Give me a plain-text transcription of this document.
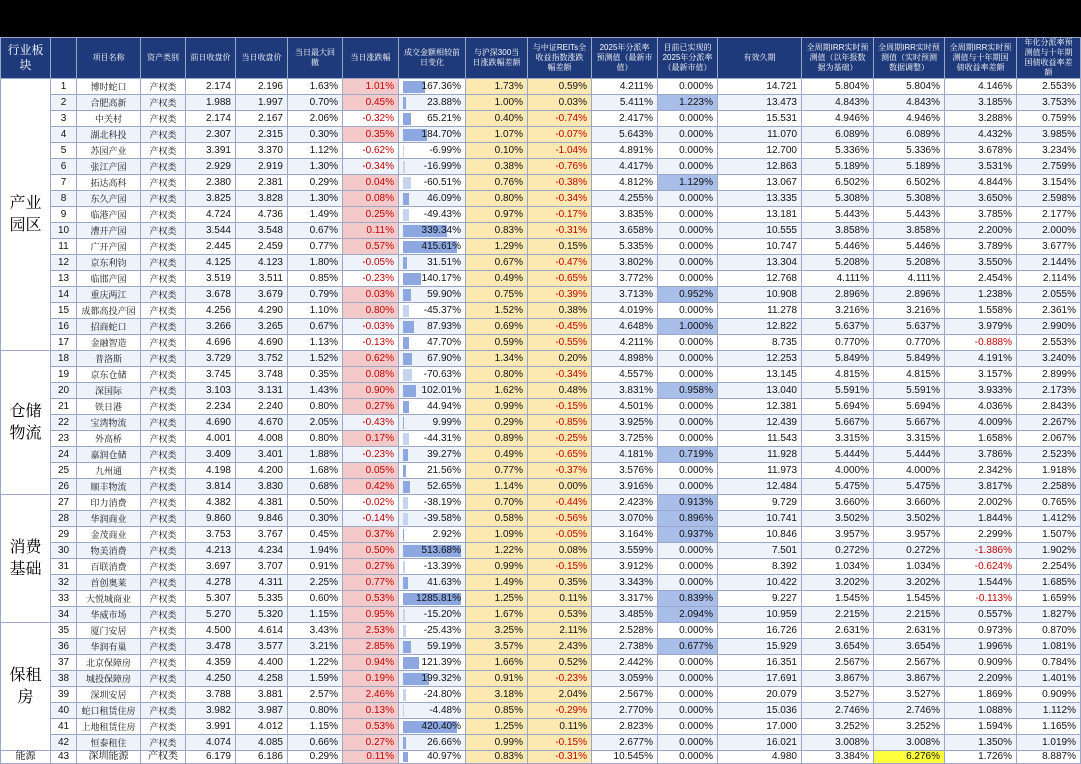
行业板块		项目名称	资产类别	前日收盘价	当日收盘价	当日最大回撤	当日涨跌幅	成交金额相较前日变化	与沪深300当日涨跌幅差额	与中证REITs全收益指数涨跌幅差额	2025年分派率预测值（最新市值）	目前已实现的2025年分派率（最新市值）	有效久期	全周期IRR实时预测值（以年报数据为基础）	全周期IRR实时预测值（实时预测数据调整）	全周期IRR实时预测值与十年期国债收益率差额	年化分派率预测值与十年期国债收益率差额
产业园区	1	博时蛇口	产权类	2.174	2.196	1.63%	1.01%	167.36%	1.73%	0.59%	4.211%	0.000%	14.721	5.804%	5.804%	4.146%	2.553%
	2	合肥高新	产权类	1.988	1.997	0.70%	0.45%	23.88%	1.00%	0.03%	5.411%	1.223%	13.473	4.843%	4.843%	3.185%	3.753%
	3	中关村	产权类	2.174	2.167	2.06%	-0.32%	65.21%	0.40%	-0.74%	2.417%	0.000%	15.531	4.946%	4.946%	3.288%	0.759%
	4	湖北科投	产权类	2.307	2.315	0.30%	0.35%	184.70%	1.07%	-0.07%	5.643%	0.000%	11.070	6.089%	6.089%	4.432%	3.985%
	5	苏园产业	产权类	3.391	3.370	1.12%	-0.62%	-6.99%	0.10%	-1.04%	4.891%	0.000%	12.700	5.336%	5.336%	3.678%	3.234%
	6	张江产园	产权类	2.929	2.919	1.30%	-0.34%	-16.99%	0.38%	-0.76%	4.417%	0.000%	12.863	5.189%	5.189%	3.531%	2.759%
	7	拓达高科	产权类	2.380	2.381	0.29%	0.04%	-60.51%	0.76%	-0.38%	4.812%	1.129%	13.067	6.502%	6.502%	4.844%	3.154%
	8	东久产园	产权类	3.825	3.828	1.30%	0.08%	46.09%	0.80%	-0.34%	4.255%	0.000%	13.335	5.308%	5.308%	3.650%	2.598%
	9	临港产园	产权类	4.724	4.736	1.49%	0.25%	-49.43%	0.97%	-0.17%	3.835%	0.000%	13.181	5.443%	5.443%	3.785%	2.177%
	10	漕开产园	产权类	3.544	3.548	0.67%	0.11%	339.34%	0.83%	-0.31%	3.658%	0.000%	10.555	3.858%	3.858%	2.200%	2.000%
	11	广开产园	产权类	2.445	2.459	0.77%	0.57%	415.61%	1.29%	0.15%	5.335%	0.000%	10.747	5.446%	5.446%	3.789%	3.677%
	12	京东利钧	产权类	4.125	4.123	1.80%	-0.05%	31.51%	0.67%	-0.47%	3.802%	0.000%	13.304	5.208%	5.208%	3.550%	2.144%
	13	临邯产园	产权类	3.519	3.511	0.85%	-0.23%	140.17%	0.49%	-0.65%	3.772%	0.000%	12.768	4.111%	4.111%	2.454%	2.114%
	14	重庆两江	产权类	3.678	3.679	0.79%	0.03%	59.90%	0.75%	-0.39%	3.713%	0.952%	10.908	2.896%	2.896%	1.238%	2.055%
	15	成都高投产园	产权类	4.256	4.290	1.10%	0.80%	-45.37%	1.52%	0.38%	4.019%	0.000%	11.278	3.216%	3.216%	1.558%	2.361%
	16	招商蛇口	产权类	3.266	3.265	0.67%	-0.03%	87.93%	0.69%	-0.45%	4.648%	1.000%	12.822	5.637%	5.637%	3.979%	2.990%
	17	金融智造	产权类	4.696	4.690	1.13%	-0.13%	47.70%	0.59%	-0.55%	4.211%	0.000%	8.735	0.770%	0.770%	-0.888%	2.553%
仓储物流	18	普洛斯	产权类	3.729	3.752	1.52%	0.62%	67.90%	1.34%	0.20%	4.898%	0.000%	12.253	5.849%	5.849%	4.191%	3.240%
	19	京东仓储	产权类	3.745	3.748	0.35%	0.08%	-70.63%	0.80%	-0.34%	4.557%	0.000%	13.145	4.815%	4.815%	3.157%	2.899%
	20	深国际	产权类	3.103	3.131	1.43%	0.90%	102.01%	1.62%	0.48%	3.831%	0.958%	13.040	5.591%	5.591%	3.933%	2.173%
	21	铁日港	产权类	2.234	2.240	0.80%	0.27%	44.94%	0.99%	-0.15%	4.501%	0.000%	12.381	5.694%	5.694%	4.036%	2.843%
	22	宝湾物流	产权类	4.690	4.670	2.05%	-0.43%	9.99%	0.29%	-0.85%	3.925%	0.000%	12.439	5.667%	5.667%	4.009%	2.267%
	23	外高桥	产权类	4.001	4.008	0.80%	0.17%	-44.31%	0.89%	-0.25%	3.725%	0.000%	11.543	3.315%	3.315%	1.658%	2.067%
	24	嘉润仓储	产权类	3.409	3.401	1.88%	-0.23%	39.27%	0.49%	-0.65%	4.181%	0.719%	11.928	5.444%	5.444%	3.786%	2.523%
	25	九州通	产权类	4.198	4.200	1.68%	0.05%	21.56%	0.77%	-0.37%	3.576%	0.000%	11.973	4.000%	4.000%	2.342%	1.918%
	26	顺丰物流	产权类	3.814	3.830	0.68%	0.42%	52.65%	1.14%	0.00%	3.916%	0.000%	12.484	5.475%	5.475%	3.817%	2.258%
消费基础	27	印力消费	产权类	4.382	4.381	0.50%	-0.02%	-38.19%	0.70%	-0.44%	2.423%	0.913%	9.729	3.660%	3.660%	2.002%	0.765%
	28	华润商业	产权类	9.860	9.846	0.30%	-0.14%	-39.58%	0.58%	-0.56%	3.070%	0.896%	10.741	3.502%	3.502%	1.844%	1.412%
	29	金茂商业	产权类	3.753	3.767	0.45%	0.37%	2.92%	1.09%	-0.05%	3.164%	0.937%	10.846	3.957%	3.957%	2.299%	1.507%
	30	物美消费	产权类	4.213	4.234	1.94%	0.50%	513.68%	1.22%	0.08%	3.559%	0.000%	7.501	0.272%	0.272%	-1.386%	1.902%
	31	百联消费	产权类	3.697	3.707	0.91%	0.27%	-13.39%	0.99%	-0.15%	3.912%	0.000%	8.392	1.034%	1.034%	-0.624%	2.254%
	32	首创奥莱	产权类	4.278	4.311	2.25%	0.77%	41.63%	1.49%	0.35%	3.343%	0.000%	10.422	3.202%	3.202%	1.544%	1.685%
	33	大悦城商业	产权类	5.307	5.335	0.60%	0.53%	1285.81%	1.25%	0.11%	3.317%	0.839%	9.227	1.545%	1.545%	-0.113%	1.659%
	34	华威市场	产权类	5.270	5.320	1.15%	0.95%	-15.20%	1.67%	0.53%	3.485%	2.094%	10.959	2.215%	2.215%	0.557%	1.827%
保租房	35	厦门安居	产权类	4.500	4.614	3.43%	2.53%	-25.43%	3.25%	2.11%	2.528%	0.000%	16.726	2.631%	2.631%	0.973%	0.870%
	36	华润有巢	产权类	3.478	3.577	3.21%	2.85%	59.19%	3.57%	2.43%	2.738%	0.677%	15.929	3.654%	3.654%	1.996%	1.081%
	37	北京保障房	产权类	4.359	4.400	1.22%	0.94%	121.39%	1.66%	0.52%	2.442%	0.000%	16.351	2.567%	2.567%	0.909%	0.784%
	38	城投保障房	产权类	4.250	4.258	1.59%	0.19%	199.32%	0.91%	-0.23%	3.059%	0.000%	17.691	3.867%	3.867%	2.209%	1.401%
	39	深圳安居	产权类	3.788	3.881	2.57%	2.46%	-24.80%	3.18%	2.04%	2.567%	0.000%	20.079	3.527%	3.527%	1.869%	0.909%
	40	蛇口租赁住房	产权类	3.982	3.987	0.80%	0.13%	-4.48%	0.85%	-0.29%	2.770%	0.000%	15.036	2.746%	2.746%	1.088%	1.112%
	41	上地租赁住房	产权类	3.991	4.012	1.15%	0.53%	420.40%	1.25%	0.11%	2.823%	0.000%	17.000	3.252%	3.252%	1.594%	1.165%
	42	恒泰租住	产权类	4.074	4.085	0.66%	0.27%	26.66%	0.99%	-0.15%	2.677%	0.000%	16.021	3.008%	3.008%	1.350%	1.019%
能源	43	深圳能源	产权类	6.179	6.186	0.29%	0.11%	40.97%	0.83%	-0.31%	10.545%	0.000%	4.980	3.384%	6.276%	1.726%	8.887%
